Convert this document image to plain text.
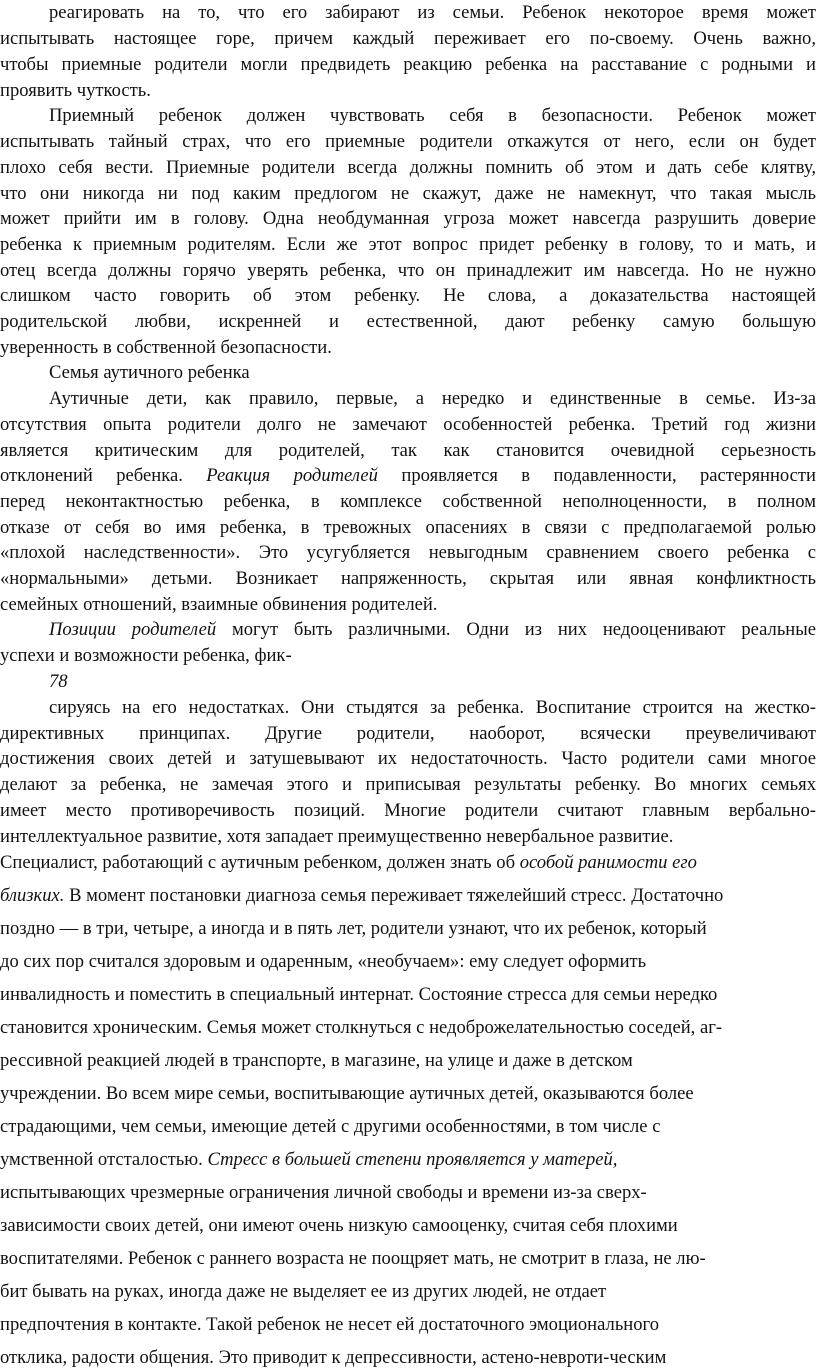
реагировать на то, что его забирают из семьи. Ребенок некоторое время может

испытывать настоящее горе, причем каждый переживает его по-своему. Очень важно,

чтобы приемные родители могли предвидеть реакцию ребенка на расставание с родными и

проявить чуткость.

Приемный ребенок должен чувствовать себя в безопасности. Ребенок может

испытывать тайный страх, что его приемные родители откажутся от него, если он будет

плохо себя вести. Приемные родители всегда должны помнить об этом и дать себе клятву,

что они никогда ни под каким предлогом не скажут, даже не намекнут, что такая мысль

может прийти им в голову. Одна необдуманная угроза может навсегда разрушить доверие

ребенка к приемным родителям. Если же этот вопрос придет ребенку в голову, то и мать, и

отец всегда должны горячо уверять ребенка, что он принадлежит им навсегда. Но не нужно

слишком часто говорить об этом ребенку. Не слова, а доказательства настоящей

родительской любви, искренней и естественной, дают ребенку самую большую

уверенность в собственной безопасности.

Семья аутичного ребенка

Аутичные дети, как правило, первые, а нередко и единственные в семье. Из-за

отсутствия опыта родители долго не замечают особенностей ребенка. Третий год жизни

является критическим для родителей, так как становится очевидной серьезность

отклонений ребенка. Реакция родителей проявляется в подавленности, растерянности

перед неконтактностью ребенка, в комплексе собственной неполноценности, в полном

отказе от себя во имя ребенка, в тревожных опасениях в связи с предполагаемой ролью

«плохой наследственности». Это усугубляется невыгодным сравнением своего ребенка с

«нормальными» детьми. Возникает напряженность, скрытая или явная конфликтность

семейных отношений, взаимные обвинения родителей.

Позиции родителей могут быть различными. Одни из них недооценивают реальные

успехи и возможности ребенка, фик-

78

сируясь на его недостатках. Они стыдятся за ребенка. Воспитание строится на жестко-

директивных принципах. Другие родители, наоборот, всячески преувеличивают

достижения своих детей и затушевывают их недостаточность. Часто родители сами многое

делают за ребенка, не замечая этого и приписывая результаты ребенку. Во многих семьях

имеет место противоречивость позиций. Многие родители считают главным вербально-

интеллектуальное развитие, хотя западает преимущественно невербальное развитие.

Специалист, работающий с аутичным ребенком, должен знать об особой ранимости его

близких. В момент постановки диагноза семья переживает тяжелейший стресс. Достаточно

поздно — в три, четыре, а иногда и в пять лет, родители узнают, что их ребенок, который

до сих пор считался здоровым и одаренным, «необучаем»: ему следует оформить

инвалидность и поместить в специальный интернат. Состояние стресса для семьи нередко

становится хроническим. Семья может столкнуться с недоброжелательностью соседей, аг-

рессивной реакцией людей в транспорте, в магазине, на улице и даже в детском

учреждении. Во всем мире семьи, воспитывающие аутичных детей, оказываются более

страдающими, чем семьи, имеющие детей с другими особенностями, в том числе с

умственной отсталостью. Стресс в большей степени проявляется у матерей,

испытывающих чрезмерные ограничения личной свободы и времени из-за сверх-

зависимости своих детей, они имеют очень низкую самооценку, считая себя плохими

воспитателями. Ребенок с раннего возраста не поощряет мать, не смотрит в глаза, не лю-

бит бывать на руках, иногда даже не выделяет ее из других людей, не отдает

предпочтения в контакте. Такой ребенок не несет ей достаточного эмоционального

отклика, радости общения. Это приводит к депрессивности, астено-невроти-ческим
